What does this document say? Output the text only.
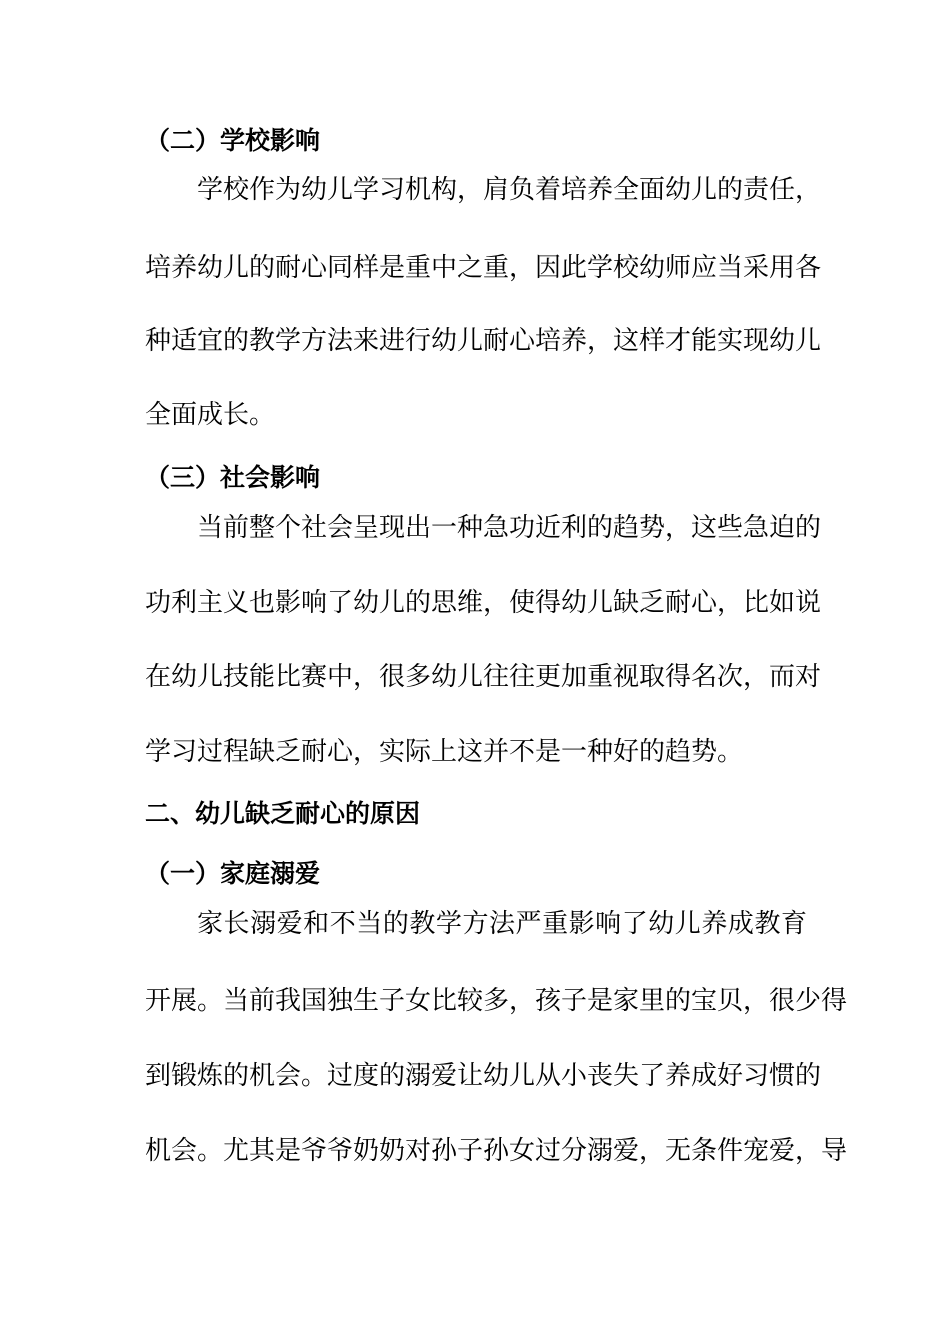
（二）学校影响
学校作为幼儿学习机构，肩负着培养全面幼儿的责任，
培养幼儿的耐心同样是重中之重，因此学校幼师应当采用各
种适宜的教学方法来进行幼儿耐心培养，这样才能实现幼儿
全面成长。
（三）社会影响
当前整个社会呈现出一种急功近利的趋势，这些急迫的
功利主义也影响了幼儿的思维，使得幼儿缺乏耐心，比如说
在幼儿技能比赛中，很多幼儿往往更加重视取得名次，而对
学习过程缺乏耐心，实际上这并不是一种好的趋势。
二、幼儿缺乏耐心的原因
（一）家庭溺爱
家长溺爱和不当的教学方法严重影响了幼儿养成教育
开展。当前我国独生子女比较多，孩子是家里的宝贝，很少得
到锻炼的机会。过度的溺爱让幼儿从小丧失了养成好习惯的
机会。尤其是爷爷奶奶对孙子孙女过分溺爱，无条件宠爱，导
